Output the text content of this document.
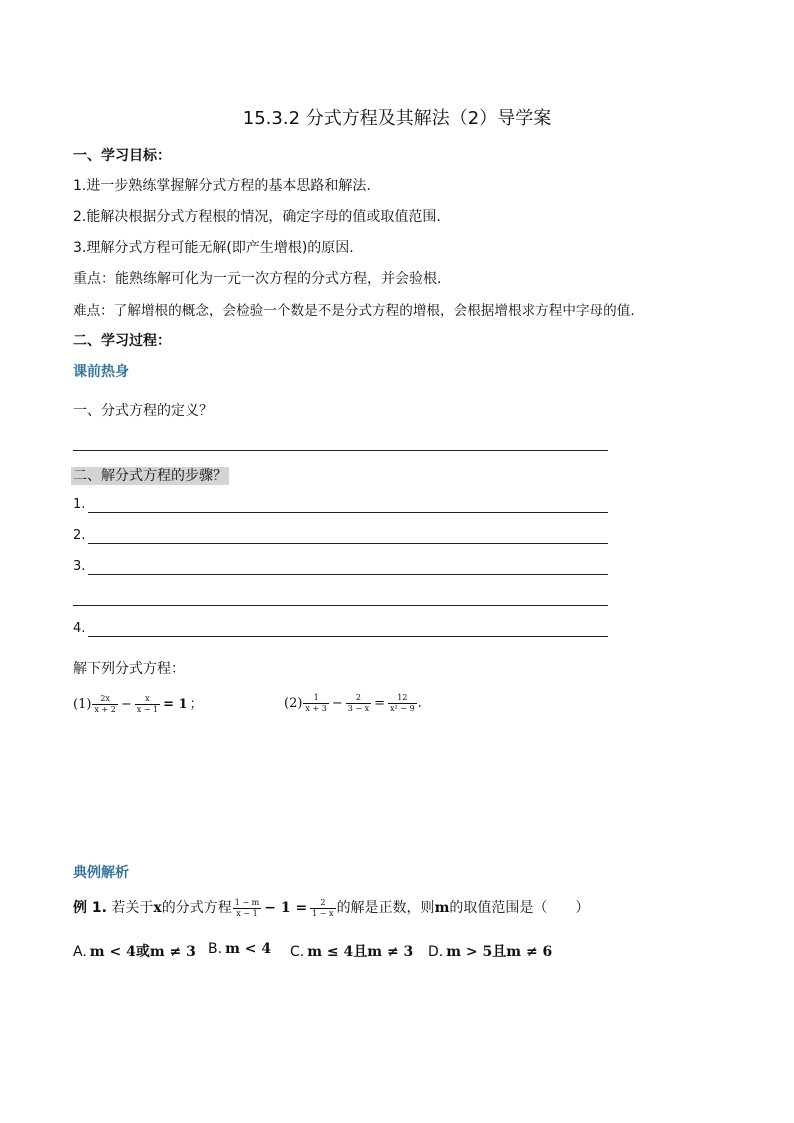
15.3.2 分式方程及其解法（2）导学案
一、学习目标：
1.进一步熟练掌握解分式方程的基本思路和解法.
2.能解决根据分式方程根的情况，确定字母的值或取值范围.
3.理解分式方程可能无解(即产生增根)的原因.
重点：能熟练解可化为一元一次方程的分式方程，并会验根.
难点：了解增根的概念，会检验一个数是不是分式方程的增根，会根据增根求方程中字母的值.
二、学习过程：
课前热身
一、分式方程的定义？
二、解分式方程的步骤？
1.
2.
3.
4.
解下列分式方程：
$(1) \frac{2x}{x + 2} - \frac{x}{x - 1} = 1$ ；	$(2) \frac{1}{x + 3} - \frac{2}{3 - x} = \frac{12}{\text{x² − 9}}$ .
典例解析
例 1. 若关于x的分式方程 $\frac{1 - m}{x - 1} - 1 = \frac{2}{1 - x}$ 的解是正数，则m的取值范围是（　　）
A. m < 4或m ≠ 3 B. m < 4 C. m ≤ 4且m ≠ 3 D. m > 5且m ≠ 6
